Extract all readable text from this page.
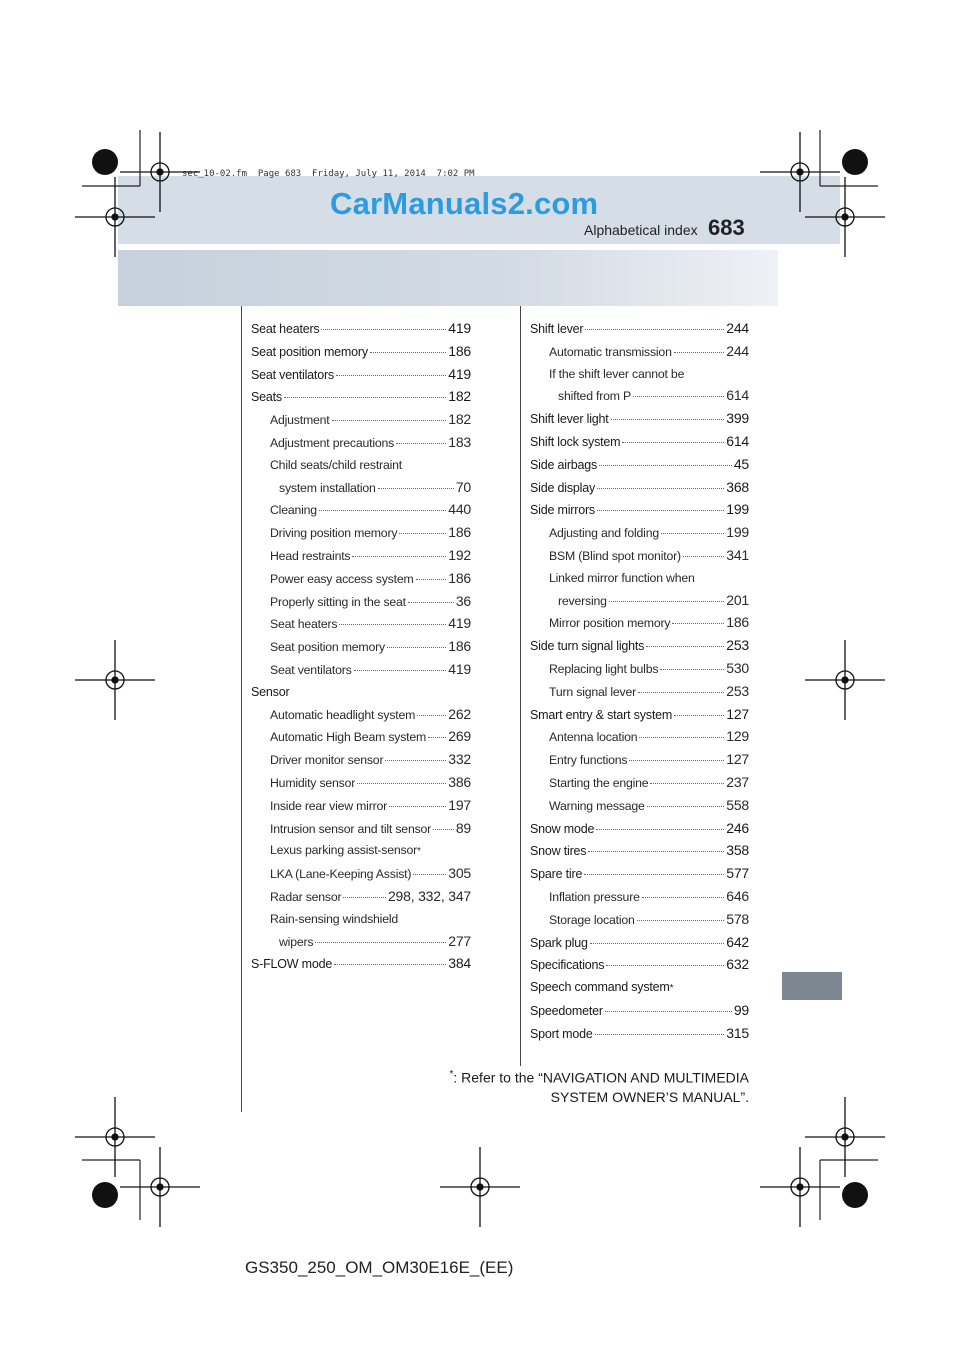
sec_10-02.fm  Page 683  Friday, July 11, 2014  7:02 PM
CarManuals2.com
Alphabetical index 683
Seat heaters	419
Seat position memory	186
Seat ventilators	419
Seats	182
Adjustment	182
Adjustment precautions	183
Child seats/child restraint
system installation	70
Cleaning	440
Driving position memory	186
Head restraints	192
Power easy access system 186
Properly sitting in the seat	36
Seat heaters	419
Seat position memory	186
Seat ventilators	419
Sensor
Automatic headlight system 262
Automatic High Beam system 269
Driver monitor sensor	332
Humidity sensor	386
Inside rear view mirror	197
Intrusion sensor and tilt sensor 89
Lexus parking assist-sensor *
LKA (Lane-Keeping Assist)	305
Radar sensor	298, 332, 347
Rain-sensing windshield
wipers	277
S-FLOW mode	384
Shift lever	244
Automatic transmission	244
If the shift lever cannot be
shifted from P	614
Shift lever light	399
Shift lock system	614
Side airbags	45
Side display	368
Side mirrors	199
Adjusting and folding	199
BSM (Blind spot monitor)	341
Linked mirror function when
reversing	201
Mirror position memory	186
Side turn signal lights	253
Replacing light bulbs	530
Turn signal lever	253
Smart entry & start system	127
Antenna location	129
Entry functions	127
Starting the engine	237
Warning message	558
Snow mode	246
Snow tires	358
Spare tire	577
Inflation pressure	646
Storage location	578
Spark plug	642
Specifications	632
Speech command system *
Speedometer	99
Sport mode	315
*: Refer to the “NAVIGATION AND MULTIMEDIA
SYSTEM OWNER’S MANUAL”.
GS350_250_OM_OM30E16E_(EE)
